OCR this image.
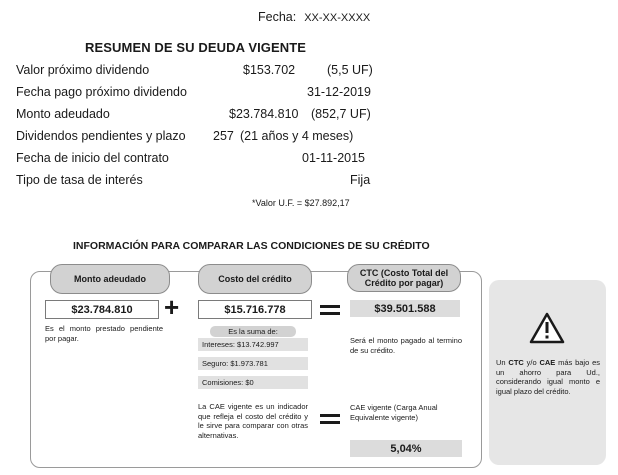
Fecha: XX-XX-XXXX
RESUMEN DE SU DEUDA VIGENTE
Valor próximo dividendo	$153.702	(5,5 UF)
Fecha pago próximo dividendo	31-12-2019
Monto adeudado	$23.784.810 (852,7 UF)
Dividendos pendientes y plazo 257 (21 años y 4 meses)
Fecha de inicio del contrato	01-11-2015
Tipo de tasa de interés	Fija
*Valor U.F. = $27.892,17
INFORMACIÓN PARA COMPARAR LAS CONDICIONES DE SU CRÉDITO
Monto adeudado	Costo del crédito
CTC (Costo Total del Crédito por pagar)
$23.784.810
Es el monto prestado pendiente por pagar.
+	$15.716.778
Es la suma de:
Intereses: $13.742.997
Seguro: $1.973.781
Comisiones: $0
La CAE vigente es un indicador que refleja el costo del crédito y le sirve para comparar con otras alternativas.
$39.501.588
Será el monto pagado al termino de su crédito.
CAE vigente (Carga Anual Equivalente vigente)
5,04%
Un CTC y/o CAE más bajo es un ahorro para Ud., considerando igual monto e igual plazo del crédito.
